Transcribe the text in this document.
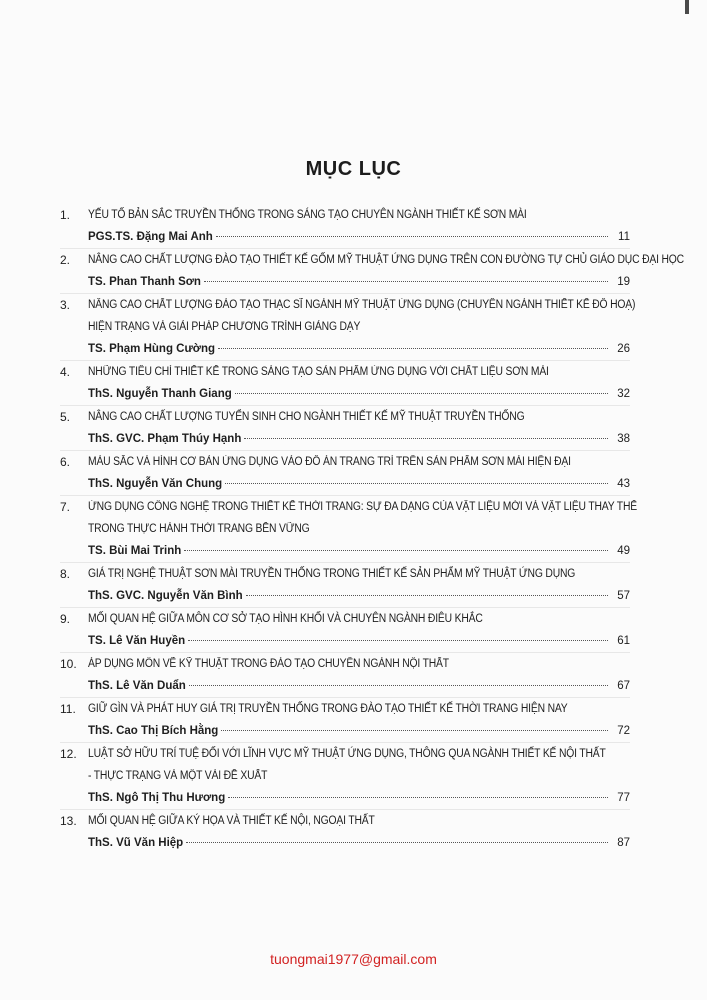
MỤC LỤC
1.	YẾU TỐ BẢN SẮC TRUYỀN THỐNG TRONG SÁNG TẠO CHUYÊN NGÀNH THIẾT KẾ SƠN MÀI
PGS.TS. Đặng Mai Anh	11
2.	NÂNG CAO CHẤT LƯỢNG ĐÀO TẠO THIẾT KẾ GỐM MỸ THUẬT ỨNG DỤNG TRÊN CON ĐƯỜNG TỰ CHỦ GIÁO DỤC ĐẠI HỌC
TS. Phan Thanh Sơn	19
3.	NÂNG CAO CHẤT LƯỢNG ĐÀO TẠO THẠC SĨ NGÀNH MỸ THUẬT ỨNG DỤNG (CHUYÊN NGÀNH THIẾT KẾ ĐỒ HOẠ)
HIỆN TRẠNG VÀ GIẢI PHÁP CHƯƠNG TRÌNH GIẢNG DẠY
TS. Phạm Hùng Cường	26
4.	NHỮNG TIÊU CHÍ THIẾT KẾ TRONG SÁNG TẠO SẢN PHẨM ỨNG DỤNG VỚI CHẤT LIỆU SƠN MÀI
ThS. Nguyễn Thanh Giang	32
5.	NÂNG CAO CHẤT LƯỢNG TUYỂN SINH CHO NGÀNH THIẾT KẾ MỸ THUẬT TRUYỀN THỐNG
ThS. GVC. Phạm Thúy Hạnh	38
6.	MÀU SẮC VÀ HÌNH CƠ BẢN ỨNG DỤNG VÀO ĐỒ ÁN TRANG TRÍ TRÊN SẢN PHẨM SƠN MÀI HIỆN ĐẠI
ThS. Nguyễn Văn Chung	43
7.	ỨNG DỤNG CÔNG NGHỆ TRONG THIẾT KẾ THỜI TRANG: SỰ ĐA DẠNG CỦA VẬT LIỆU MỚI VÀ VẬT LIỆU THAY THẾ
TRONG THỰC HÀNH THỜI TRANG BỀN VỮNG
TS. Bùi Mai Trinh	49
8.	GIÁ TRỊ NGHỆ THUẬT SƠN MÀI TRUYỀN THỐNG TRONG THIẾT KẾ SẢN PHẨM MỸ THUẬT ỨNG DỤNG
ThS. GVC. Nguyễn Văn Bình	57
9.	MỐI QUAN HỆ GIỮA MÔN CƠ SỞ TẠO HÌNH KHỐI VÀ CHUYÊN NGÀNH ĐIÊU KHẮC
TS. Lê Văn Huyền	61
10. ÁP DỤNG MÔN VẼ KỸ THUẬT TRONG ĐÀO TẠO CHUYÊN NGÀNH NỘI THẤT
ThS. Lê Văn Duẩn	67
11.	GIỮ GÌN VÀ PHÁT HUY GIÁ TRỊ TRUYỀN THỐNG TRONG ĐÀO TẠO THIẾT KẾ THỜI TRANG HIỆN NAY
ThS. Cao Thị Bích Hằng	72
12. LUẬT SỞ HỮU TRÍ TUỆ ĐỐI VỚI LĨNH VỰC MỸ THUẬT ỨNG DỤNG, THÔNG QUA NGÀNH THIẾT KẾ NỘI THẤT
- THỰC TRẠNG VÀ MỘT VÀI ĐỀ XUẤT
ThS. Ngô Thị Thu Hương	77
13. MỐI QUAN HỆ GIỮA KÝ HỌA VÀ THIẾT KẾ NỘI, NGOẠI THẤT
ThS. Vũ Văn Hiệp	87
tuongmai1977@gmail.com
